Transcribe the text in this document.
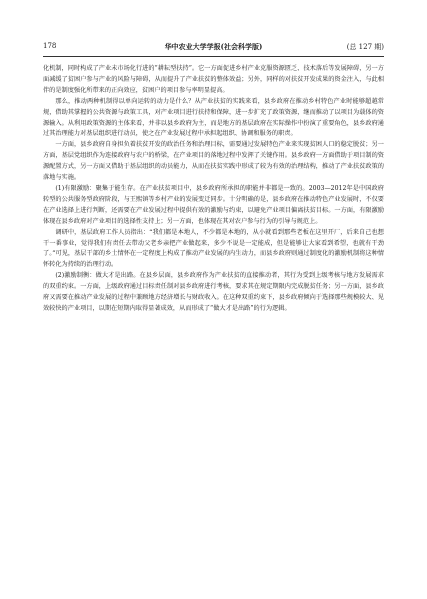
178	华中农业大学学报(社会科学版)	(总 127 期)

化机制，同时构成了产业未市场化行进的“耕耘型扶持”。它一方面促进乡村产业克服资源匮乏、技术落后等发展障碍，另一方面减缓了贫困户参与产业的风险与障碍，从而提升了产业扶贫的整体效益；另外，同样的对扶贫开发成果的资金注入，与此相伴的是制度强化所带来的正向效应，贫困户的项目参与率明显提高。

那么，推动两种机制得以单向运转的动力是什么？从产业扶贫的实践来看，县乡政府在推动乡村特色产业时能够超越常规，借助其掌握的公共资源与政策工具，对产业项目进行扶持和保障，进一步扩充了政策资源，继而推动了以项目为载体的资源输入。从利用政策资源的主体来看，并非以县乡政府为主，而是地方的基层政府在实际操作中扮演了重要角色，县乡政府通过其治理能力对基层组织进行动员，使之在产业发展过程中承担起组织、协调和服务的职责。

一方面，县乡政府自身担负着扶贫开发的政治任务和治理目标，需要通过发展特色产业来实现贫困人口的稳定脱贫；另一方面，基层党组织作为连接政府与农户的桥梁，在产业项目的落地过程中发挥了关键作用。县乡政府一方面借助于项目制的资源配置方式，另一方面又借助于基层组织的动员能力，从而在扶贫实践中形成了较为有效的治理结构，推动了产业扶贫政策的落地与实施。

(1)有限激励：聚集于能生存。在产业扶贫项目中，县乡政府所承担的职能并非都是一致的。2003—2012年是中国政府转型的公共服务型政府阶段，与王熙镇等乡村产业的发展变迁同步。十分明确的是，县乡政府在推动特色产业发展时，不仅要在产业选择上进行判断，还需要在产业发展过程中提供有效的激励与约束，以避免产业项目偏离扶贫目标。一方面，有限激励体现在县乡政府对产业项目的选择性支持上；另一方面，也体现在其对农户参与行为的引导与规范上。

调研中，基层政府工作人员指出：“我们都是本地人，不少都是本地的，从小就看到那些老板在这里开厂，后来自己也想干一番事业，觉得我们有责任去带动父老乡亲把产业做起来，多少不说是一定能成，但是能够让大家看到希望，也就有干劲了。”可见，基层干部的乡土情怀在一定程度上构成了推动产业发展的内生动力，而县乡政府则通过制度化的激励机制将这种情怀转化为持续的治理行动。

(2)激励制衡：做大才是出路。在县乡层面，县乡政府作为产业扶贫的直接推动者，其行为受到上级考核与地方发展需求的双重约束。一方面，上级政府通过目标责任制对县乡政府进行考核，要求其在规定期限内完成脱贫任务；另一方面，县乡政府又需要在推动产业发展的过程中兼顾地方经济增长与财政收入。在这种双重约束下，县乡政府倾向于选择那些规模较大、见效较快的产业项目，以期在短期内取得显著成效，从而形成了“做大才是出路”的行为逻辑。
